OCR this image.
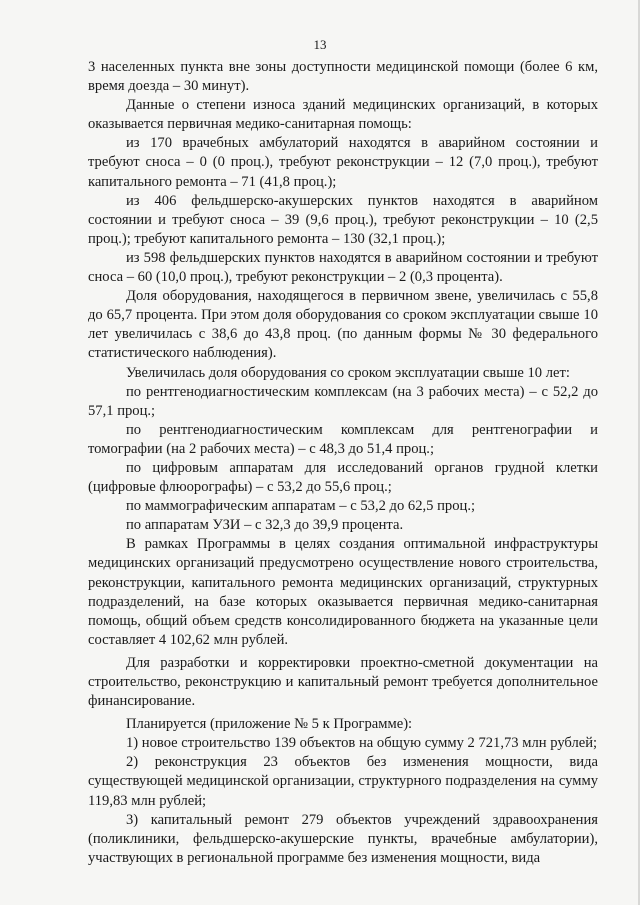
13

3 населенных пункта вне зоны доступности медицинской помощи (более 6 км, время доезда – 30 минут).

Данные о степени износа зданий медицинских организаций, в которых оказывается первичная медико-санитарная помощь:

из 170 врачебных амбулаторий находятся в аварийном состоянии и требуют сноса – 0 (0 проц.), требуют реконструкции – 12 (7,0 проц.), требуют капитального ремонта – 71 (41,8 проц.);

из 406 фельдшерско-акушерских пунктов находятся в аварийном состоянии и требуют сноса – 39 (9,6 проц.), требуют реконструкции – 10 (2,5 проц.); требуют капитального ремонта – 130 (32,1 проц.);

из 598 фельдшерских пунктов находятся в аварийном состоянии и требуют сноса – 60 (10,0 проц.), требуют реконструкции – 2 (0,3 процента).

Доля оборудования, находящегося в первичном звене, увеличилась с 55,8 до 65,7 процента. При этом доля оборудования со сроком эксплуатации свыше 10 лет увеличилась с 38,6 до 43,8 проц. (по данным формы № 30 федерального статистического наблюдения).

Увеличилась доля оборудования со сроком эксплуатации свыше 10 лет:

по рентгенодиагностическим комплексам (на 3 рабочих места) – с 52,2 до 57,1 проц.;

по рентгенодиагностическим комплексам для рентгенографии и томографии (на 2 рабочих места) – с 48,3 до 51,4 проц.;

по цифровым аппаратам для исследований органов грудной клетки (цифровые флюорографы) – с 53,2 до 55,6 проц.;

по маммографическим аппаратам – с 53,2 до 62,5 проц.;

по аппаратам УЗИ – с 32,3 до 39,9 процента.

В рамках Программы в целях создания оптимальной инфраструктуры медицинских организаций предусмотрено осуществление нового строительства, реконструкции, капитального ремонта медицинских организаций, структурных подразделений, на базе которых оказывается первичная медико-санитарная помощь, общий объем средств консолидированного бюджета на указанные цели составляет 4 102,62 млн рублей.

Для разработки и корректировки проектно-сметной документации на строительство, реконструкцию и капитальный ремонт требуется дополнительное финансирование.

Планируется (приложение № 5 к Программе):

1) новое строительство 139 объектов на общую сумму 2 721,73 млн рублей;

2) реконструкция 23 объектов без изменения мощности, вида существующей медицинской организации, структурного подразделения на сумму 119,83 млн рублей;

3) капитальный ремонт 279 объектов учреждений здравоохранения (поликлиники, фельдшерско-акушерские пункты, врачебные амбулатории), участвующих в региональной программе без изменения мощности, вида
